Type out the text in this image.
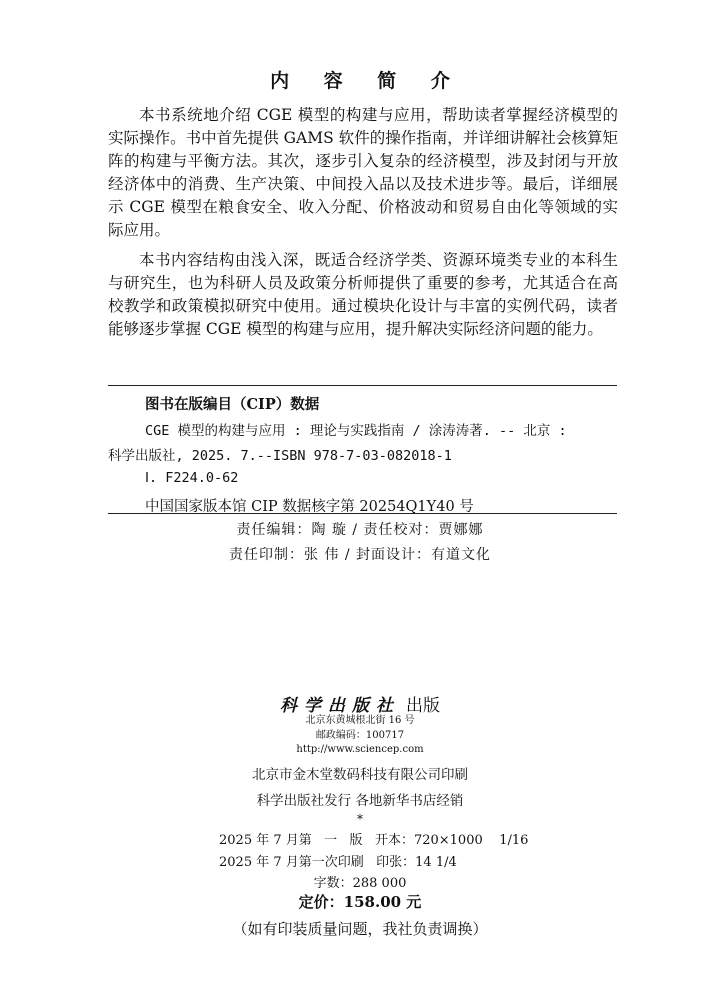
内 容 简 介

本书系统地介绍 CGE 模型的构建与应用，帮助读者掌握经济模型的实际操作。书中首先提供 GAMS 软件的操作指南，并详细讲解社会核算矩阵的构建与平衡方法。其次，逐步引入复杂的经济模型，涉及封闭与开放经济体中的消费、生产决策、中间投入品以及技术进步等。最后，详细展示 CGE 模型在粮食安全、收入分配、价格波动和贸易自由化等领域的实际应用。

本书内容结构由浅入深，既适合经济学类、资源环境类专业的本科生与研究生，也为科研人员及政策分析师提供了重要的参考，尤其适合在高校教学和政策模拟研究中使用。通过模块化设计与丰富的实例代码，读者能够逐步掌握 CGE 模型的构建与应用，提升解决实际经济问题的能力。

图书在版编目（CIP）数据
CGE 模型的构建与应用 : 理论与实践指南 / 涂涛涛著. -- 北京 :
科学出版社, 2025. 7.--ISBN 978-7-03-082018-1
Ⅰ. F224.0-62
中国国家版本馆 CIP 数据核字第 20254Q1Y40 号
责任编辑：陶 璇 / 责任校对：贾娜娜
责任印制：张 伟 / 封面设计：有道文化
科学出版社 出版
北京东黄城根北街 16 号
邮政编码：100717
http://www.sciencep.com
北京市金木堂数码科技有限公司印刷
科学出版社发行 各地新华书店经销
*
2025 年 7 月第   一   版   开本：720×1000    1/16
2025 年 7 月第一次印刷   印张：14 1/4
字数：288 000
定价：158.00 元
（如有印装质量问题，我社负责调换）
